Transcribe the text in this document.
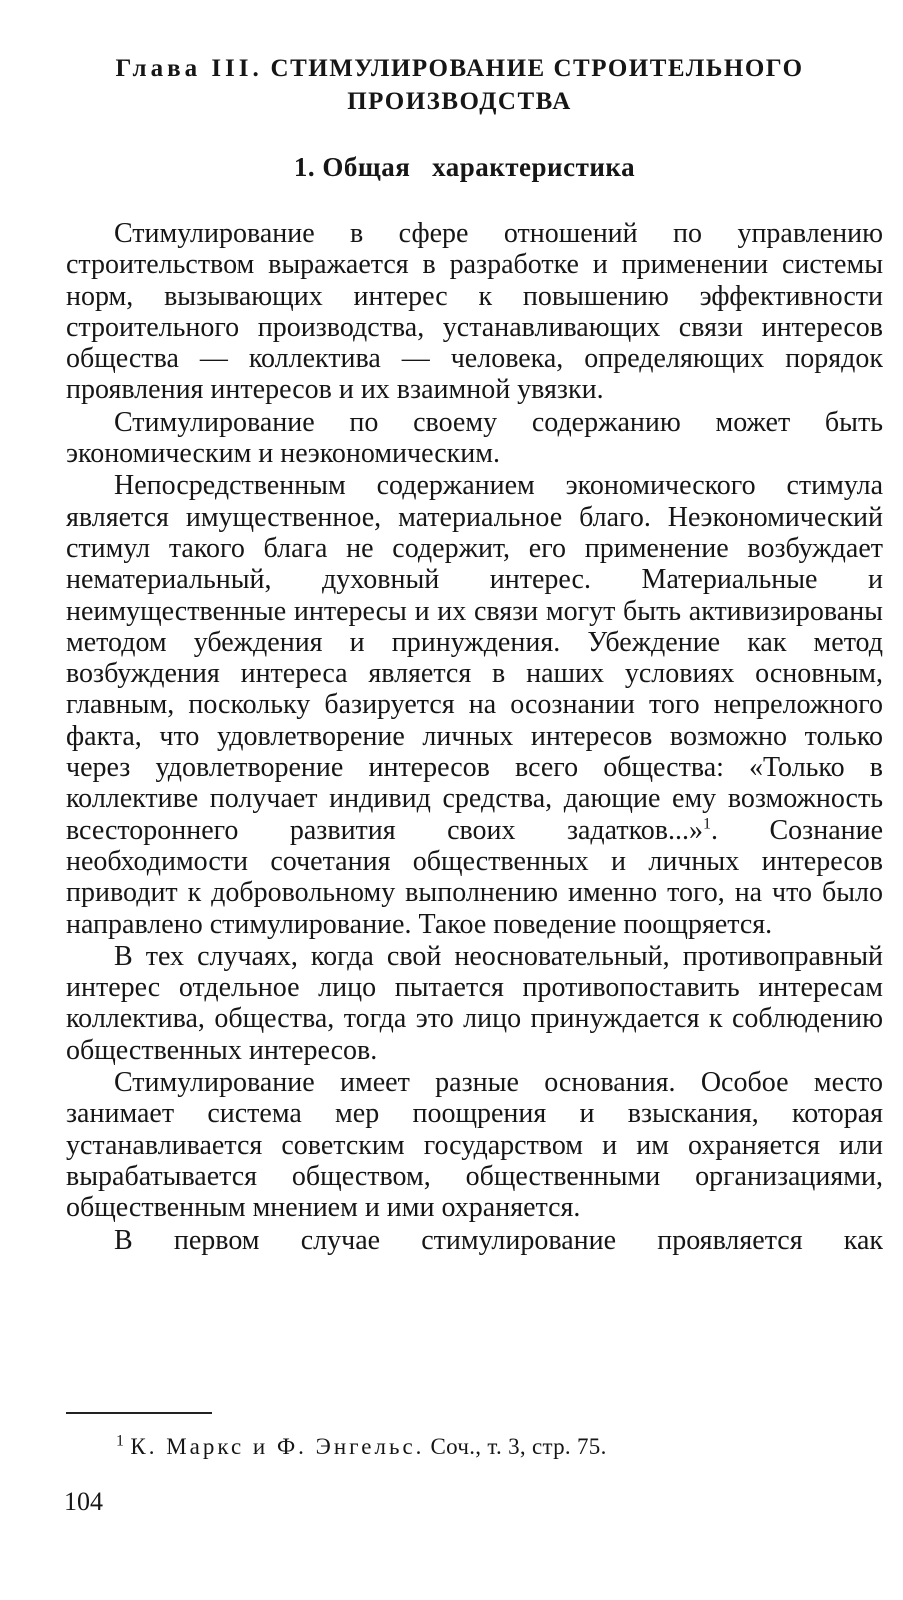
Глава III. СТИМУЛИРОВАНИЕ СТРОИТЕЛЬНОГО
ПРОИЗВОДСТВА
1. Общая   характеристика

Стимулирование в сфере отношений по управлению строительством выражается в разработке и применении системы норм, вызывающих интерес к повышению эффективности строительного производства, устанавливающих связи интересов общества — коллектива — человека, определяющих порядок проявления интересов и их взаимной увязки.

Стимулирование по своему содержанию может быть экономическим и неэкономическим.

Непосредственным содержанием экономического стимула является имущественное, материальное благо. Неэкономический стимул такого блага не содержит, его применение возбуждает нематериальный, духовный интерес. Материальные и неимущественные интересы и их связи могут быть активизированы методом убеждения и принуждения. Убеждение как метод возбуждения интереса является в наших условиях основным, главным, поскольку базируется на осознании того непреложного факта, что удовлетворение личных интересов возможно только через удовлетворение интересов всего общества: «Только в коллективе получает индивид средства, дающие ему возможность всестороннего развития своих задатков...»$^1$. Сознание необходимости сочетания общественных и личных интересов приводит к добровольному выполнению именно того, на что было направлено стимулирование. Такое поведение поощряется.

В тех случаях, когда свой неосновательный, противоправный интерес отдельное лицо пытается противопоставить интересам коллектива, общества, тогда это лицо принуждается к соблюдению общественных интересов.

Стимулирование имеет разные основания. Особое место занимает система мер поощрения и взыскания, которая устанавливается советским государством и им охраняется или вырабатывается обществом, общественными организациями, общественным мнением и ими охраняется.

В первом случае стимулирование проявляется как

$^1$ К. Маркс и Ф. Энгельс. Соч., т. 3, стр. 75.
104
